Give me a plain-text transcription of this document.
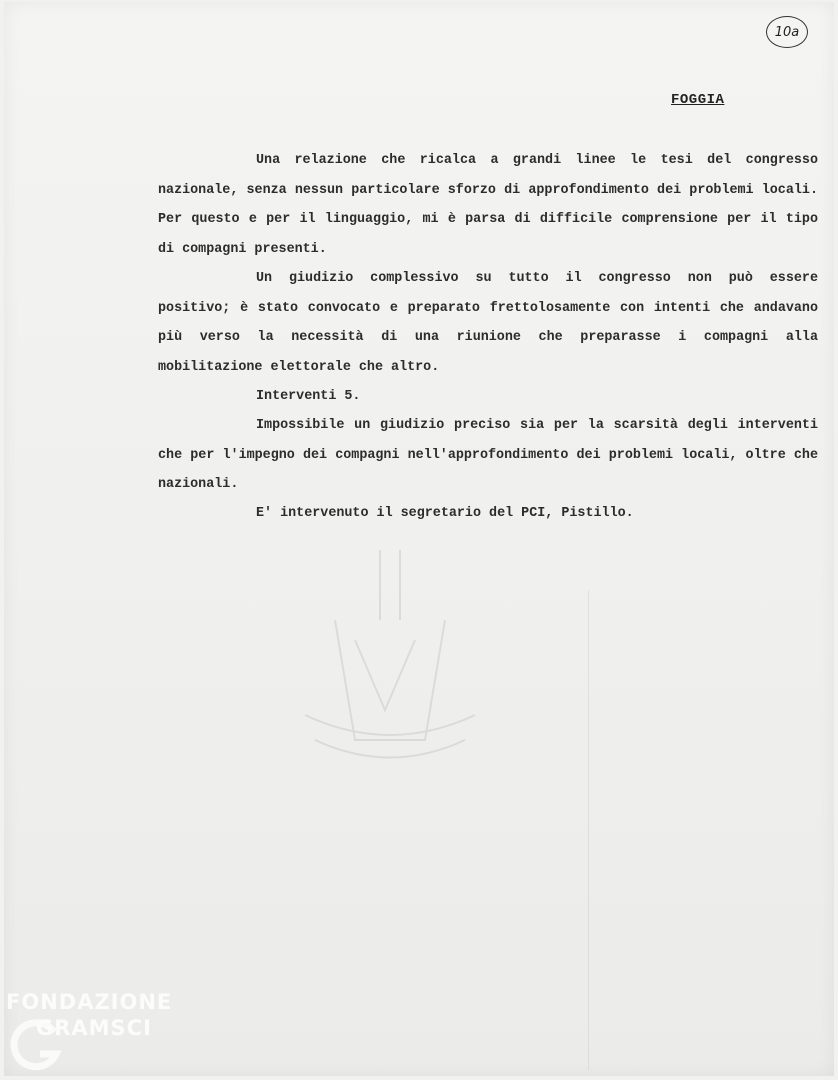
10a
FOGGIA

Una relazione che ricalca a grandi linee le tesi del congresso nazionale, senza nessun particolare sforzo di approfondimento dei problemi locali. Per questo e per il linguaggio, mi è parsa di difficile comprensione per il tipo di compagni presenti.

Un giudizio complessivo su tutto il congresso non può essere positivo; è stato convocato e preparato frettolosamente con intenti che andavano più verso la necessità di una riunione che preparasse i compagni alla mobilitazione elettorale che altro.

Interventi 5.

Impossibile un giudizio preciso sia per la scarsità degli interventi che per l'impegno dei compagni nell'approfondimento dei problemi locali, oltre che nazionali.

E' intervenuto il segretario del PCI, Pistillo.

FONDAZIONE
GRAMSCI
